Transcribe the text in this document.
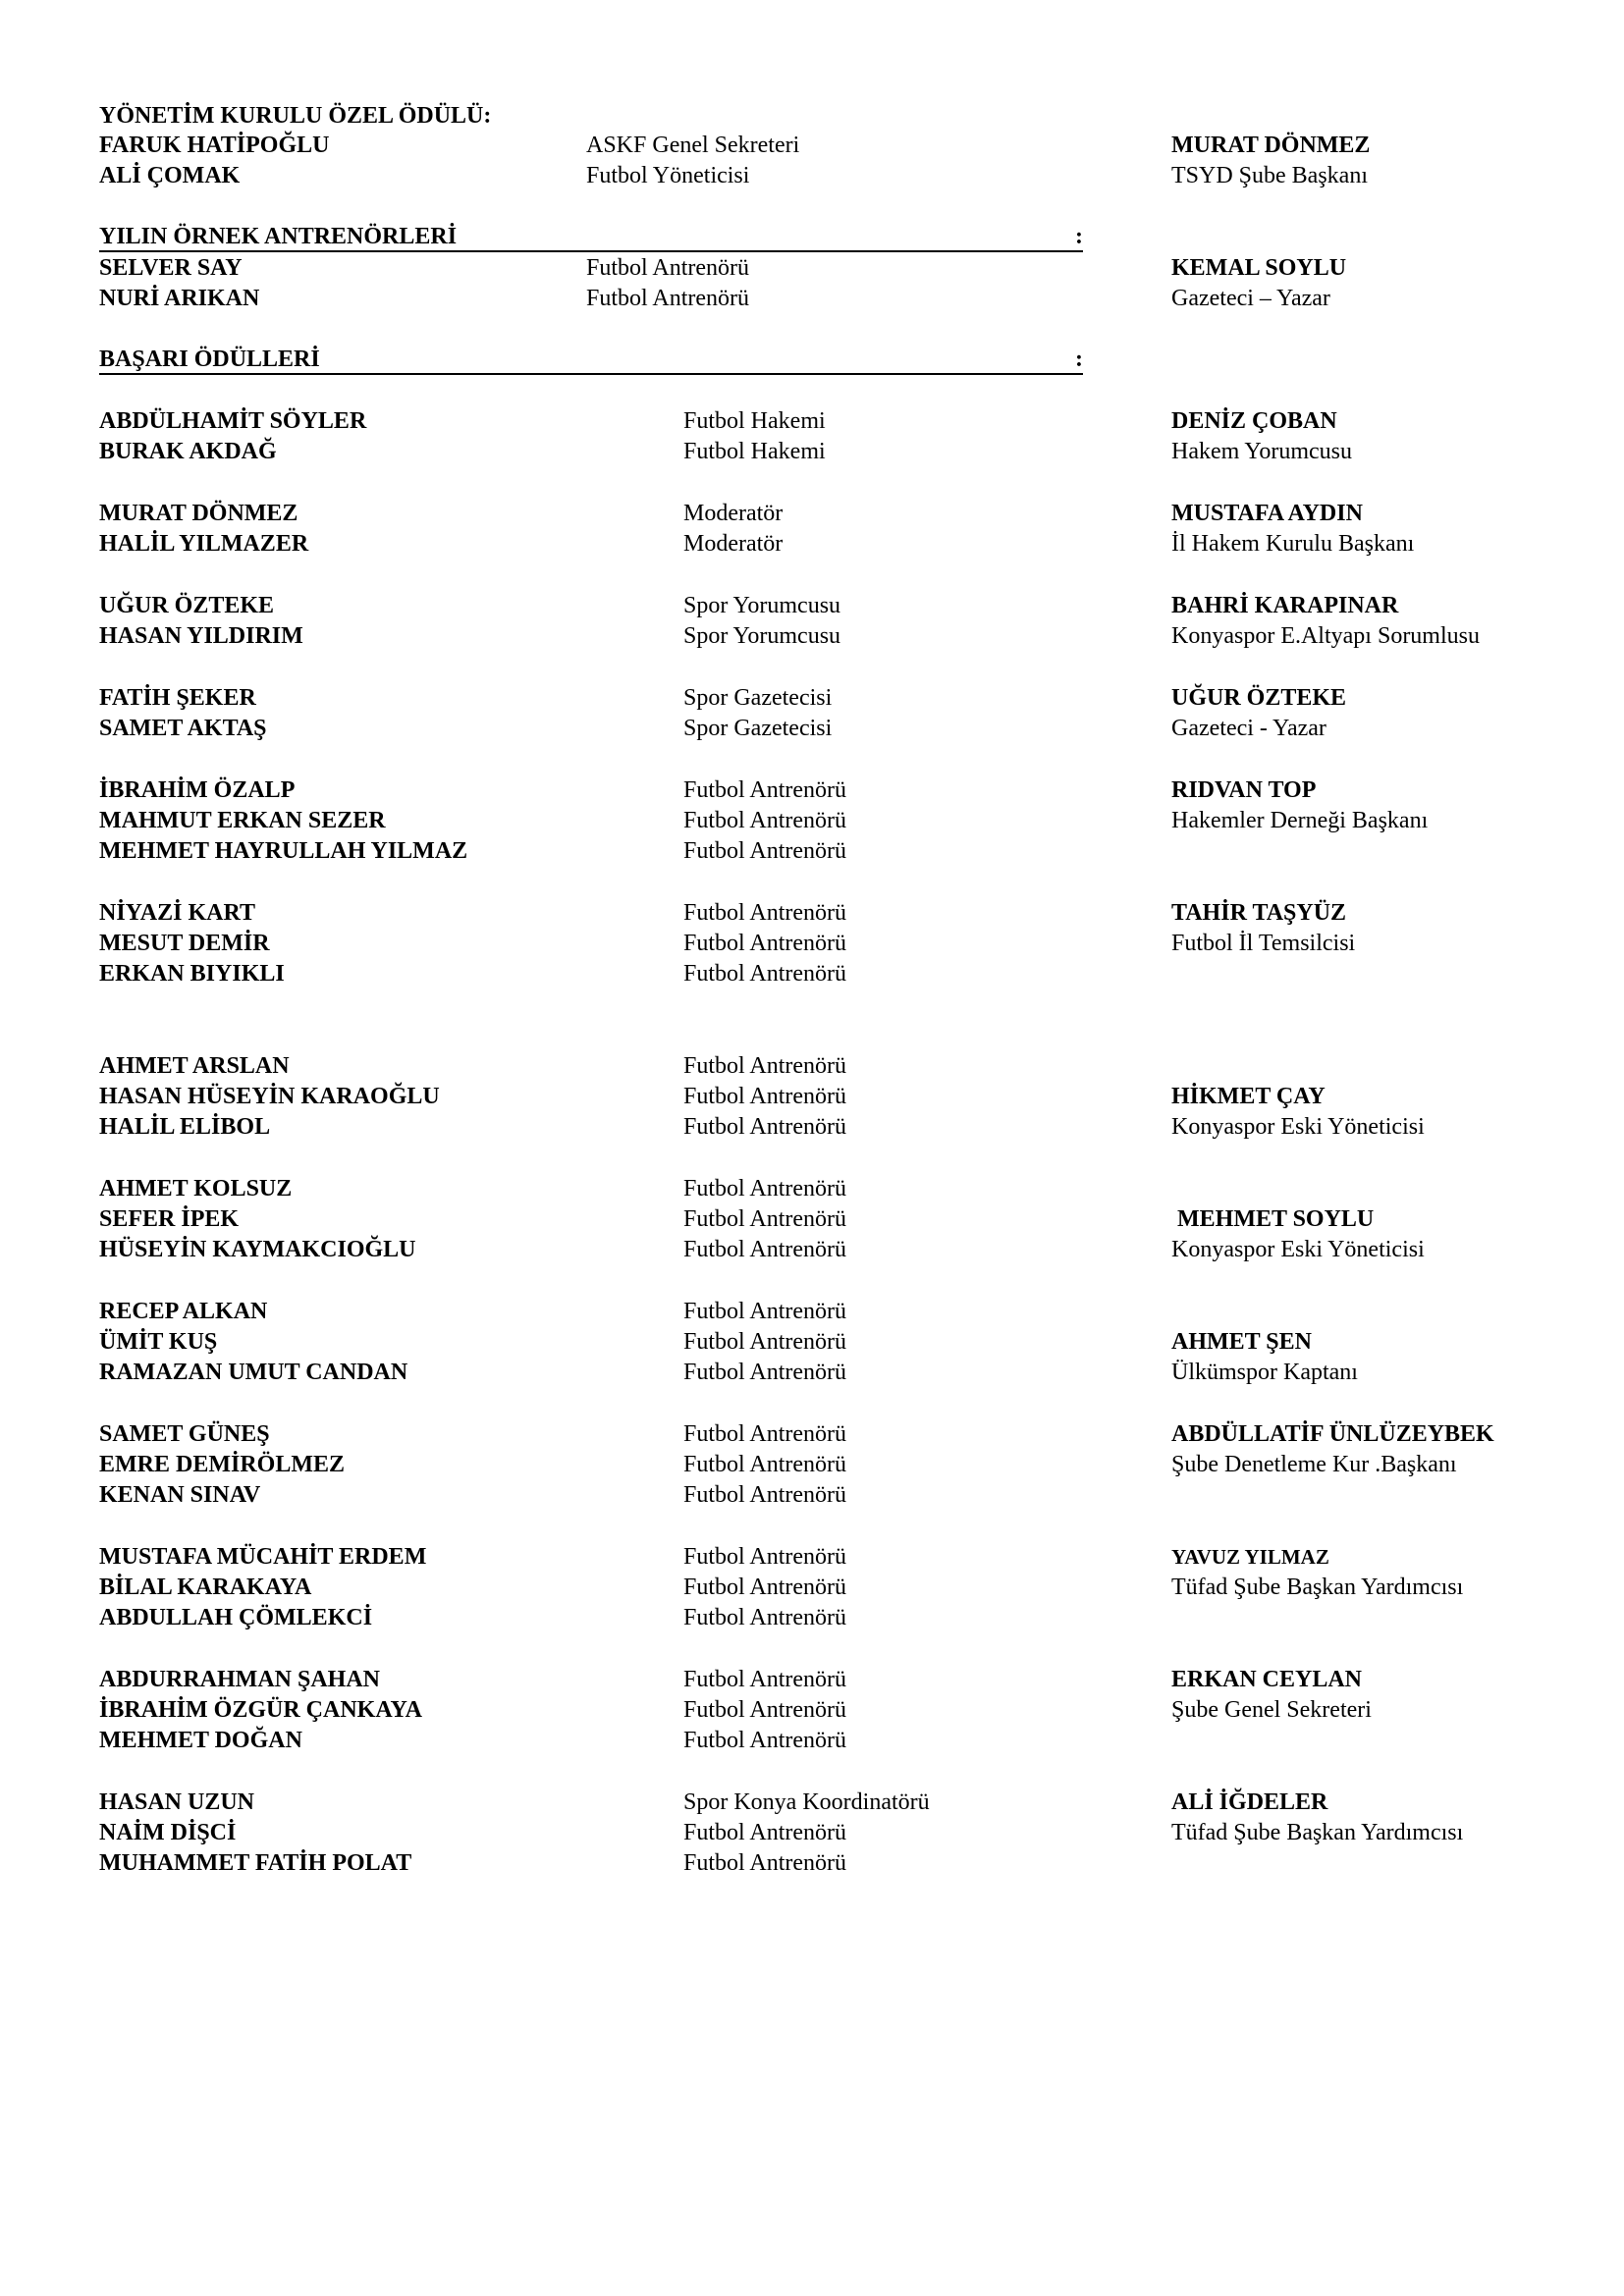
YÖNETİM KURULU ÖZEL ÖDÜLÜ:
FARUK HATİPOĞLU	ASKF Genel Sekreteri	MURAT DÖNMEZ
ALİ ÇOMAK	Futbol Yöneticisi	TSYD Şube Başkanı
YILIN ÖRNEK ANTRENÖRLERİ	:
SELVER SAY	Futbol Antrenörü	KEMAL SOYLU
NURİ ARIKAN	Futbol Antrenörü	Gazeteci – Yazar
BAŞARI ÖDÜLLERİ	:
ABDÜLHAMİT SÖYLER	Futbol Hakemi	DENİZ ÇOBAN
BURAK AKDAĞ	Futbol Hakemi	Hakem Yorumcusu
MURAT DÖNMEZ	Moderatör	MUSTAFA AYDIN
HALİL YILMAZER	Moderatör	İl Hakem Kurulu Başkanı
UĞUR ÖZTEKE	Spor Yorumcusu	BAHRİ KARAPINAR
HASAN YILDIRIM	Spor Yorumcusu	Konyaspor E.Altyapı Sorumlusu
FATİH ŞEKER	Spor Gazetecisi	UĞUR ÖZTEKE
SAMET AKTAŞ	Spor Gazetecisi	Gazeteci - Yazar
İBRAHİM ÖZALP	Futbol Antrenörü	RIDVAN TOP
MAHMUT ERKAN SEZER	Futbol Antrenörü	Hakemler Derneği Başkanı
MEHMET HAYRULLAH YILMAZ	Futbol Antrenörü
NİYAZİ KART	Futbol Antrenörü	TAHİR TAŞYÜZ
MESUT DEMİR	Futbol Antrenörü	Futbol İl Temsilcisi
ERKAN BIYIKLI	Futbol Antrenörü
AHMET ARSLAN	Futbol Antrenörü
HASAN HÜSEYİN KARAOĞLU	Futbol Antrenörü	HİKMET ÇAY
HALİL ELİBOL	Futbol Antrenörü	Konyaspor Eski Yöneticisi
AHMET KOLSUZ	Futbol Antrenörü
SEFER İPEK	Futbol Antrenörü	MEHMET SOYLU
HÜSEYİN KAYMAKCIOĞLU	Futbol Antrenörü	Konyaspor Eski Yöneticisi
RECEP ALKAN	Futbol Antrenörü
ÜMİT KUŞ	Futbol Antrenörü	AHMET ŞEN
RAMAZAN UMUT CANDAN	Futbol Antrenörü	Ülkümspor Kaptanı
SAMET GÜNEŞ	Futbol Antrenörü	ABDÜLLATİF ÜNLÜZEYBEK
EMRE DEMİRÖLMEZ	Futbol Antrenörü	Şube Denetleme Kur .Başkanı
KENAN SINAV	Futbol Antrenörü
MUSTAFA MÜCAHİT ERDEM	Futbol Antrenörü	YAVUZ YILMAZ
BİLAL KARAKAYA	Futbol Antrenörü	Tüfad Şube Başkan Yardımcısı
ABDULLAH ÇÖMLEKCİ	Futbol Antrenörü
ABDURRAHMAN ŞAHAN	Futbol Antrenörü	ERKAN CEYLAN
İBRAHİM ÖZGÜR ÇANKAYA	Futbol Antrenörü	Şube Genel Sekreteri
MEHMET DOĞAN	Futbol Antrenörü
HASAN UZUN	Spor Konya Koordinatörü	ALİ İĞDELER
NAİM DİŞCİ	Futbol Antrenörü	Tüfad Şube Başkan Yardımcısı
MUHAMMET FATİH POLAT	Futbol Antrenörü
